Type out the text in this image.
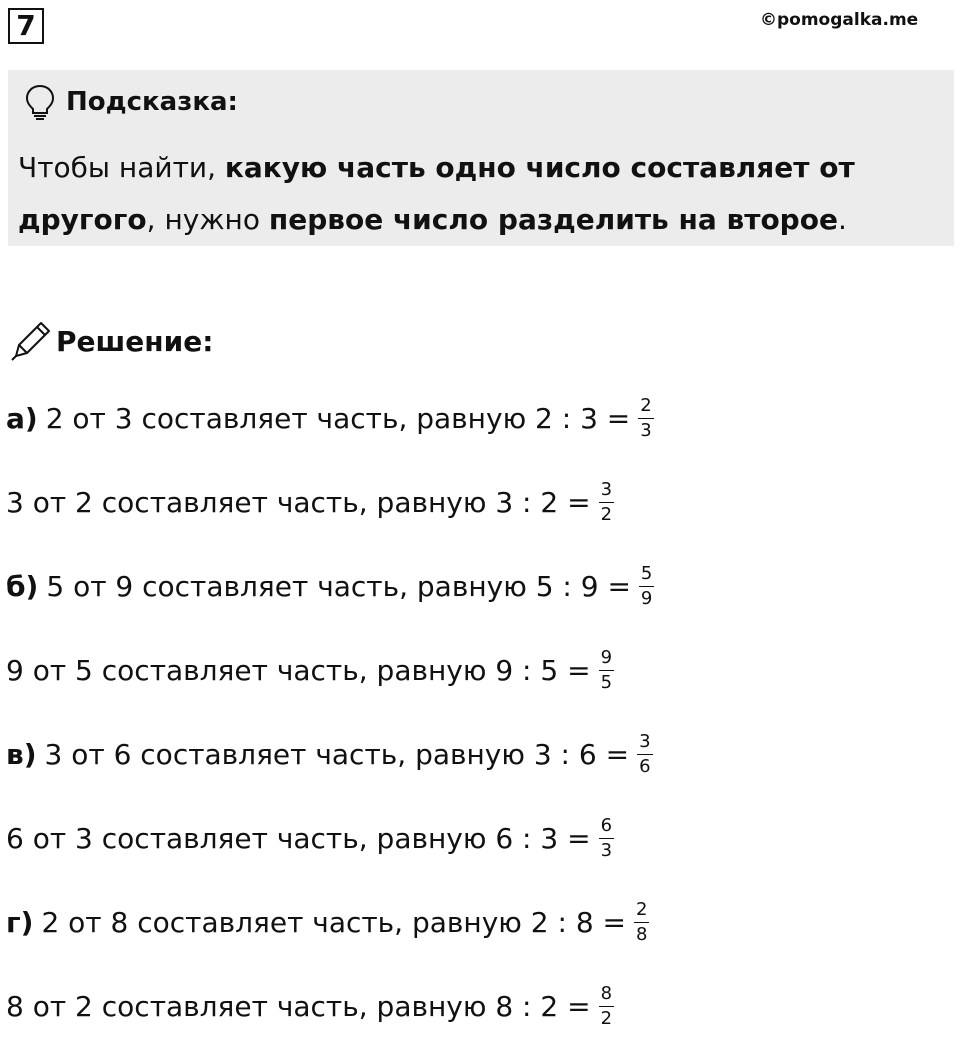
7	©pomogalka.me
Подсказка:
Чтобы найти, какую часть одно число составляет от другого, нужно первое число разделить на второе.
Решение:
а) 2 от 3 составляет часть, равную 2 : $3 = \frac{2}{3}$
3 от 2 составляет часть, равную 3 : $2 = \frac{3}{2}$
б) 5 от 9 составляет часть, равную 5 : $9 = \frac{5}{9}$
9 от 5 составляет часть, равную 9 : $5 = \frac{9}{5}$
в) 3 от 6 составляет часть, равную 3 : $6 = \frac{3}{6}$
6 от 3 составляет часть, равную 6 : $3 = \frac{6}{3}$
г) 2 от 8 составляет часть, равную 2 : $8 = \frac{2}{8}$
8 от 2 составляет часть, равную 8 : $2 = \frac{8}{2}$
